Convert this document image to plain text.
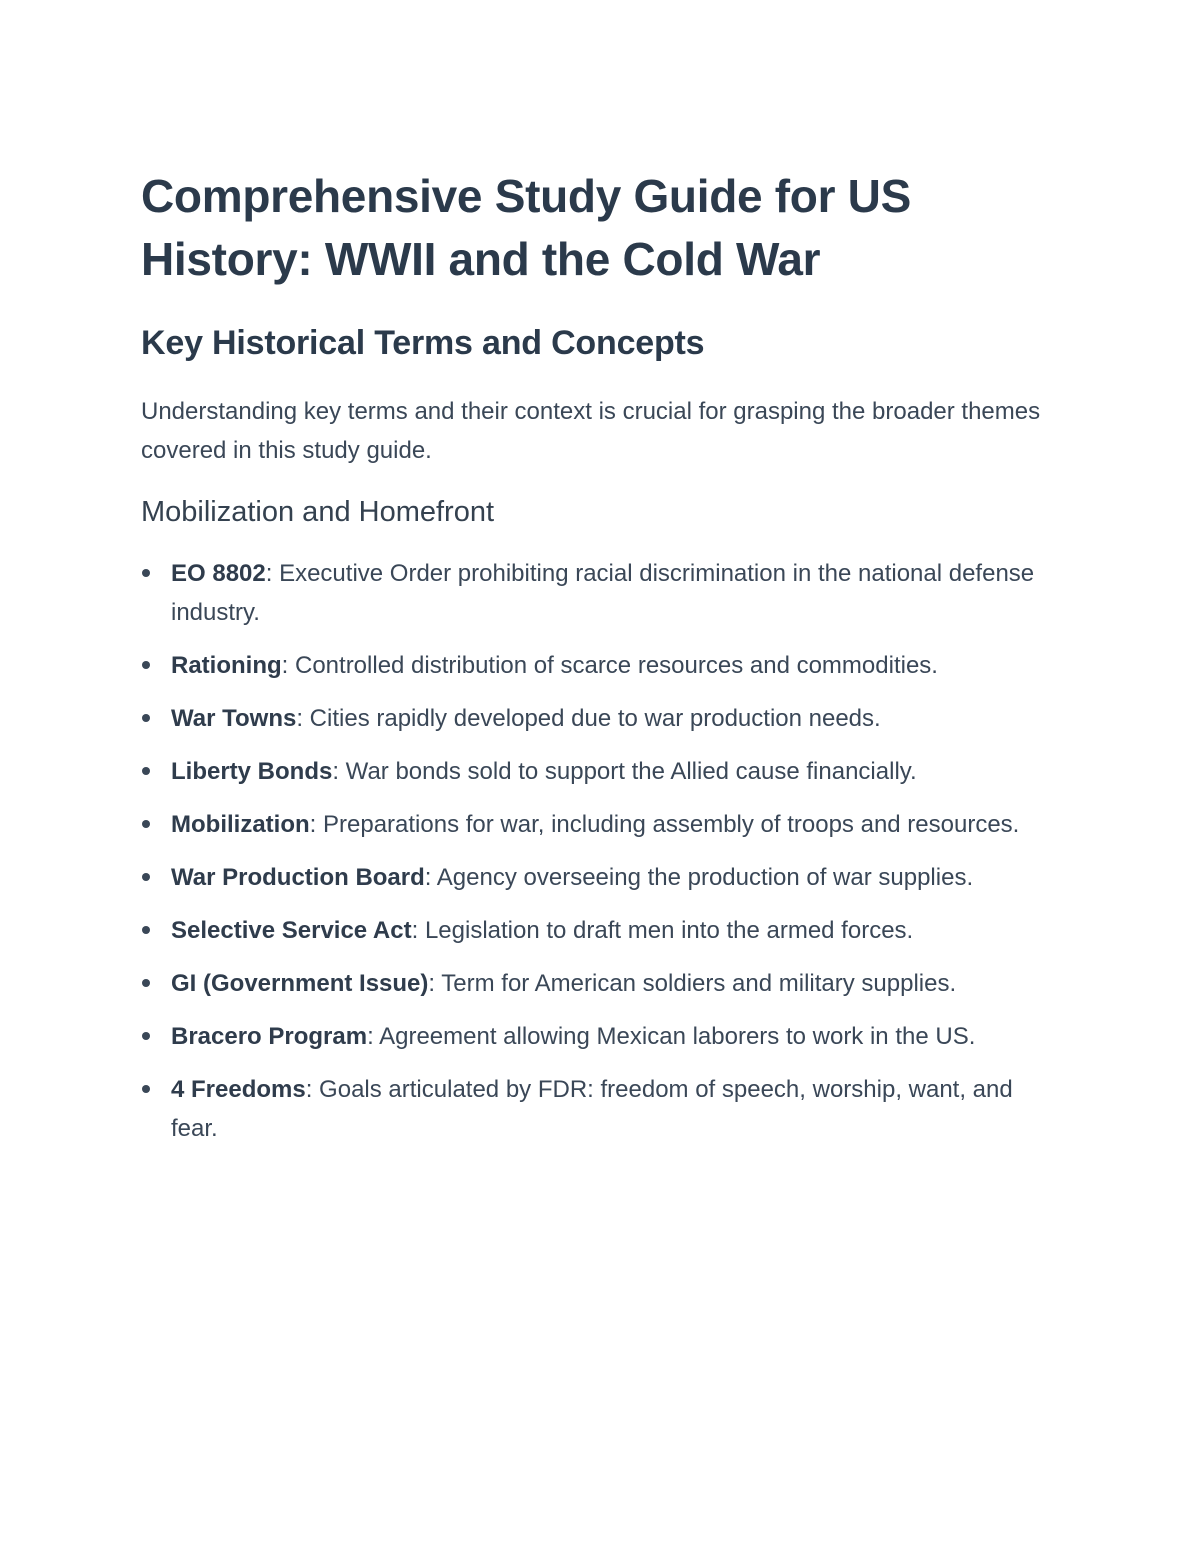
Comprehensive Study Guide for US History: WWII and the Cold War
Key Historical Terms and Concepts

Understanding key terms and their context is crucial for grasping the broader themes covered in this study guide.

Mobilization and Homefront
EO 8802: Executive Order prohibiting racial discrimination in the national defense industry.
Rationing: Controlled distribution of scarce resources and commodities.
War Towns: Cities rapidly developed due to war production needs.
Liberty Bonds: War bonds sold to support the Allied cause financially.
Mobilization: Preparations for war, including assembly of troops and resources.
War Production Board: Agency overseeing the production of war supplies.
Selective Service Act: Legislation to draft men into the armed forces.
GI (Government Issue): Term for American soldiers and military supplies.
Bracero Program: Agreement allowing Mexican laborers to work in the US.
4 Freedoms: Goals articulated by FDR: freedom of speech, worship, want, and fear.
